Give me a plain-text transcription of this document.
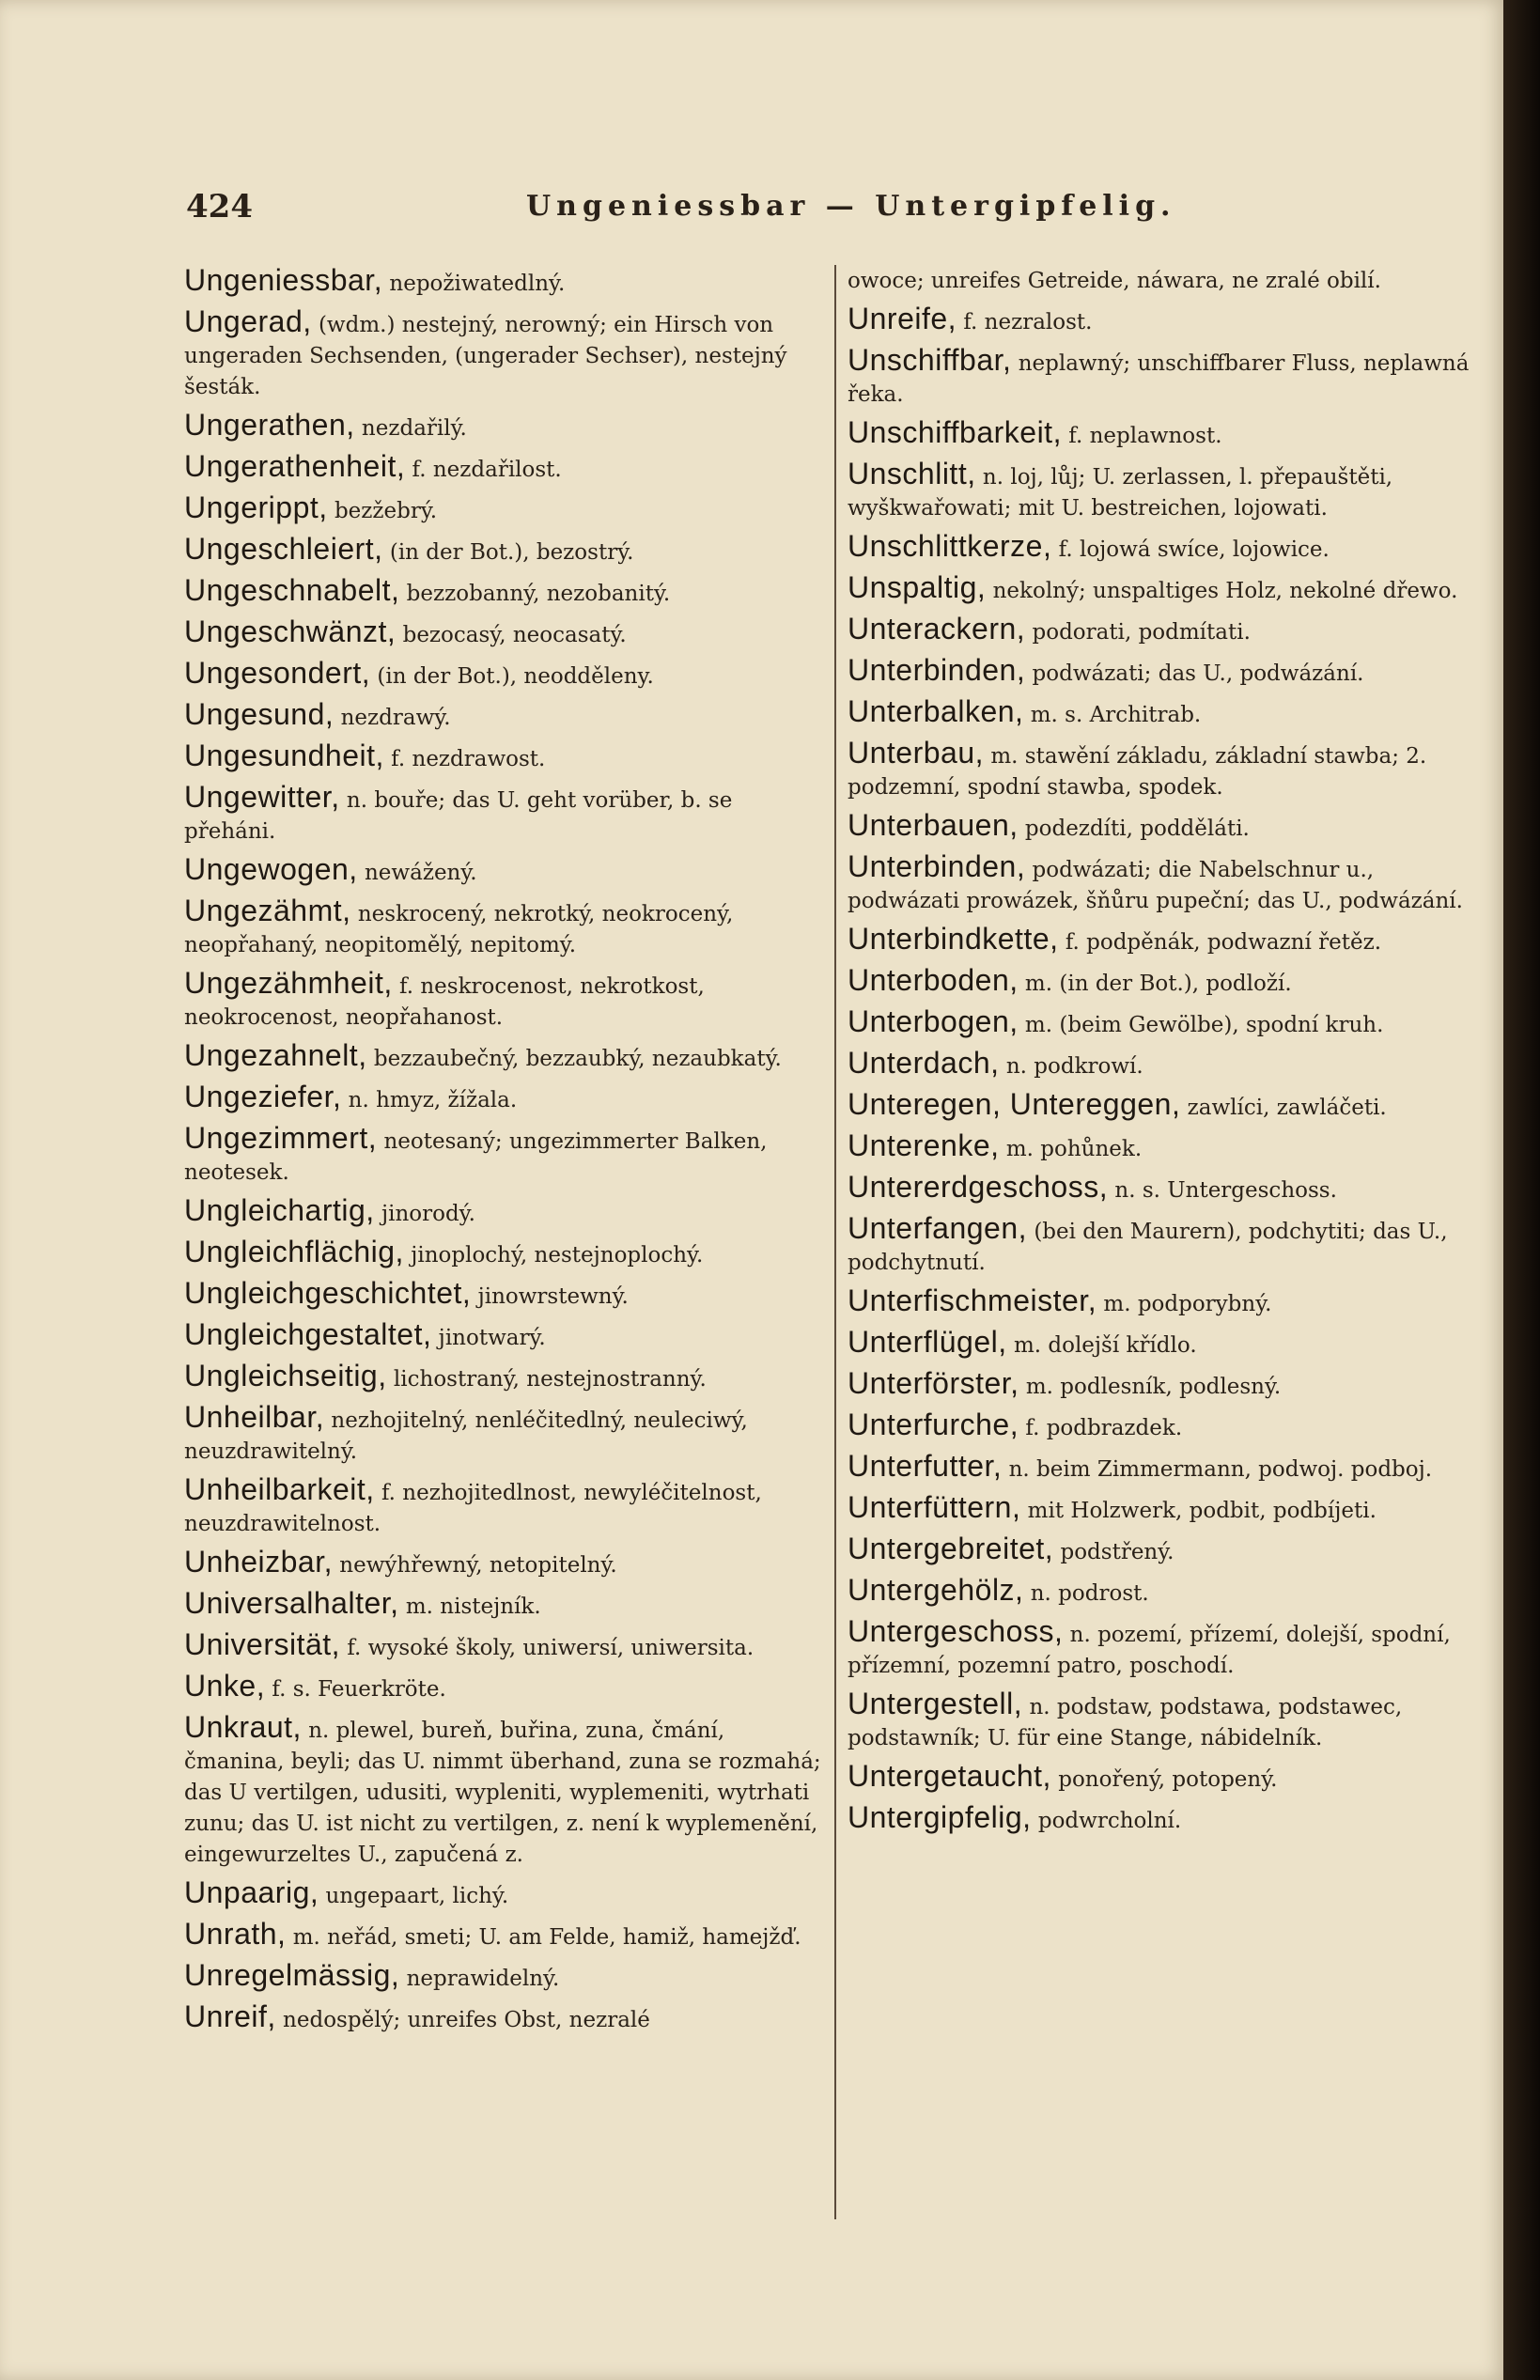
424	Ungeniessbar — Untergipfelig.
Ungeniessbar, nepožiwatedlný.
Ungerad, (wdm.) nestejný, nerowný; ein Hirsch von ungeraden Sechsenden, (ungerader Sechser), nestejný šesták.
Ungerathen, nezdařilý.
Ungerathenheit, f. nezdařilost.
Ungerippt, bezžebrý.
Ungeschleiert, (in der Bot.), bezostrý.
Ungeschnabelt, bezzobanný, nezobanitý.
Ungeschwänzt, bezocasý, neocasatý.
Ungesondert, (in der Bot.), neodděleny.
Ungesund, nezdrawý.
Ungesundheit, f. nezdrawost.
Ungewitter, n. bouře; das U. geht vorüber, b. se přeháni.
Ungewogen, newážený.
Ungezähmt, neskrocený, nekrotký, neokrocený, neopřahaný, neopitomělý, nepitomý.
Ungezähmheit, f. neskrocenost, nekrotkost, neokrocenost, neopřahanost.
Ungezahnelt, bezzaubečný, bezzaubký, nezaubkatý.
Ungeziefer, n. hmyz, žížala.
Ungezimmert, neotesaný; ungezimmerter Balken, neotesek.
Ungleichartig, jinorodý.
Ungleichflächig, jinoplochý, nestejnoplochý.
Ungleichgeschichtet, jinowrstewný.
Ungleichgestaltet, jinotwarý.
Ungleichseitig, lichostraný, nestejnostranný.
Unheilbar, nezhojitelný, nenléčitedlný, neuleciwý, neuzdrawitelný.
Unheilbarkeit, f. nezhojitedlnost, newyléčitelnost, neuzdrawitelnost.
Unheizbar, newýhřewný, netopitelný.
Universalhalter, m. nistejník.
Universität, f. wysoké školy, uniwersí, uniwersita.
Unke, f. s. Feuerkröte.
Unkraut, n. plewel, bureň, buřina, zuna, čmání, čmanina, beyli; das U. nimmt überhand, zuna se rozmahá; das U vertilgen, udusiti, wypleniti, wyplemeniti, wytrhati zunu; das U. ist nicht zu vertilgen, z. není k wyplemenění, eingewurzeltes U., zapučená z.
Unpaarig, ungepaart, lichý.
Unrath, m. neřád, smeti; U. am Felde, hamiž, hamejžď.
Unregelmässig, neprawidelný.
Unreif, nedospělý; unreifes Obst, nezralé
owoce; unreifes Getreide, náwara, ne zralé obilí.
Unreife, f. nezralost.
Unschiffbar, neplawný; unschiffbarer Fluss, neplawná řeka.
Unschiffbarkeit, f. neplawnost.
Unschlitt, n. loj, lůj; U. zerlassen, l. přepauštěti, wyškwařowati; mit U. bestreichen, lojowati.
Unschlittkerze, f. lojowá swíce, lojowice.
Unspaltig, nekolný; unspaltiges Holz, nekolné dřewo.
Unterackern, podorati, podmítati.
Unterbinden, podwázati; das U., podwázání.
Unterbalken, m. s. Architrab.
Unterbau, m. stawění základu, základní stawba; 2. podzemní, spodní stawba, spodek.
Unterbauen, podezdíti, podděláti.
Unterbinden, podwázati; die Nabelschnur u., podwázati prowázek, šňůru pupeční; das U., podwázání.
Unterbindkette, f. podpěnák, podwazní řetěz.
Unterboden, m. (in der Bot.), podloží.
Unterbogen, m. (beim Gewölbe), spodní kruh.
Unterdach, n. podkrowí.
Unteregen, Untereggen, zawlíci, zawláčeti.
Unterenke, m. pohůnek.
Untererdgeschoss, n. s. Untergeschoss.
Unterfangen, (bei den Maurern), podchytiti; das U., podchytnutí.
Unterfischmeister, m. podporybný.
Unterflügel, m. dolejší křídlo.
Unterförster, m. podlesník, podlesný.
Unterfurche, f. podbrazdek.
Unterfutter, n. beim Zimmermann, podwoj. podboj.
Unterfüttern, mit Holzwerk, podbit, podbíjeti.
Untergebreitet, podstřený.
Untergehölz, n. podrost.
Untergeschoss, n. pozemí, přízemí, dolejší, spodní, přízemní, pozemní patro, poschodí.
Untergestell, n. podstaw, podstawa, podstawec, podstawník; U. für eine Stange, nábidelník.
Untergetaucht, ponořený, potopený.
Untergipfelig, podwrcholní.
